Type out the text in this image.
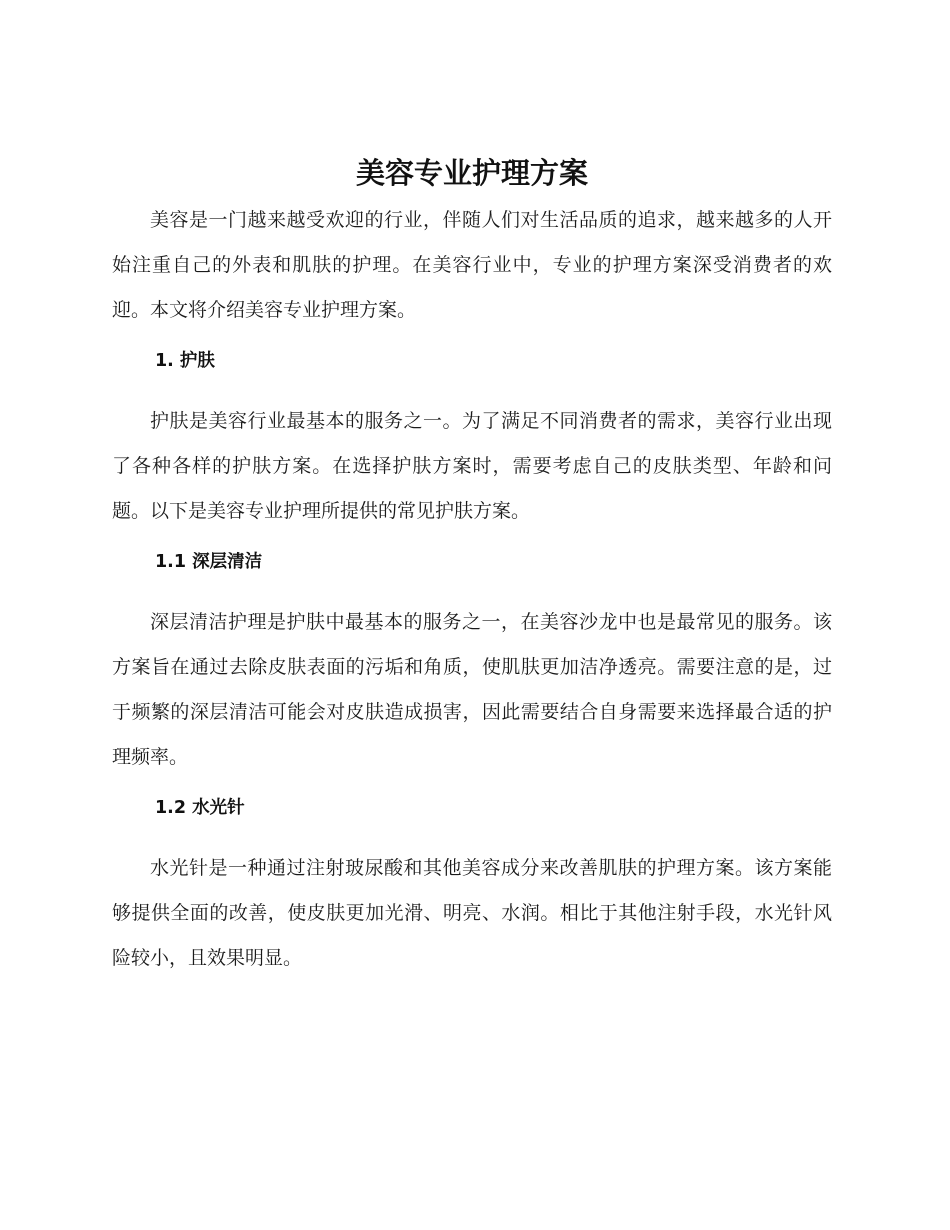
美容专业护理方案

美容是一门越来越受欢迎的行业，伴随人们对生活品质的追求，越来越多的人开始注重自己的外表和肌肤的护理。在美容行业中，专业的护理方案深受消费者的欢迎。本文将介绍美容专业护理方案。

1. 护肤

护肤是美容行业最基本的服务之一。为了满足不同消费者的需求，美容行业出现了各种各样的护肤方案。在选择护肤方案时，需要考虑自己的皮肤类型、年龄和问题。以下是美容专业护理所提供的常见护肤方案。

1.1 深层清洁

深层清洁护理是护肤中最基本的服务之一，在美容沙龙中也是最常见的服务。该方案旨在通过去除皮肤表面的污垢和角质，使肌肤更加洁净透亮。需要注意的是，过于频繁的深层清洁可能会对皮肤造成损害，因此需要结合自身需要来选择最合适的护理频率。

1.2 水光针

水光针是一种通过注射玻尿酸和其他美容成分来改善肌肤的护理方案。该方案能够提供全面的改善，使皮肤更加光滑、明亮、水润。相比于其他注射手段，水光针风险较小，且效果明显。
